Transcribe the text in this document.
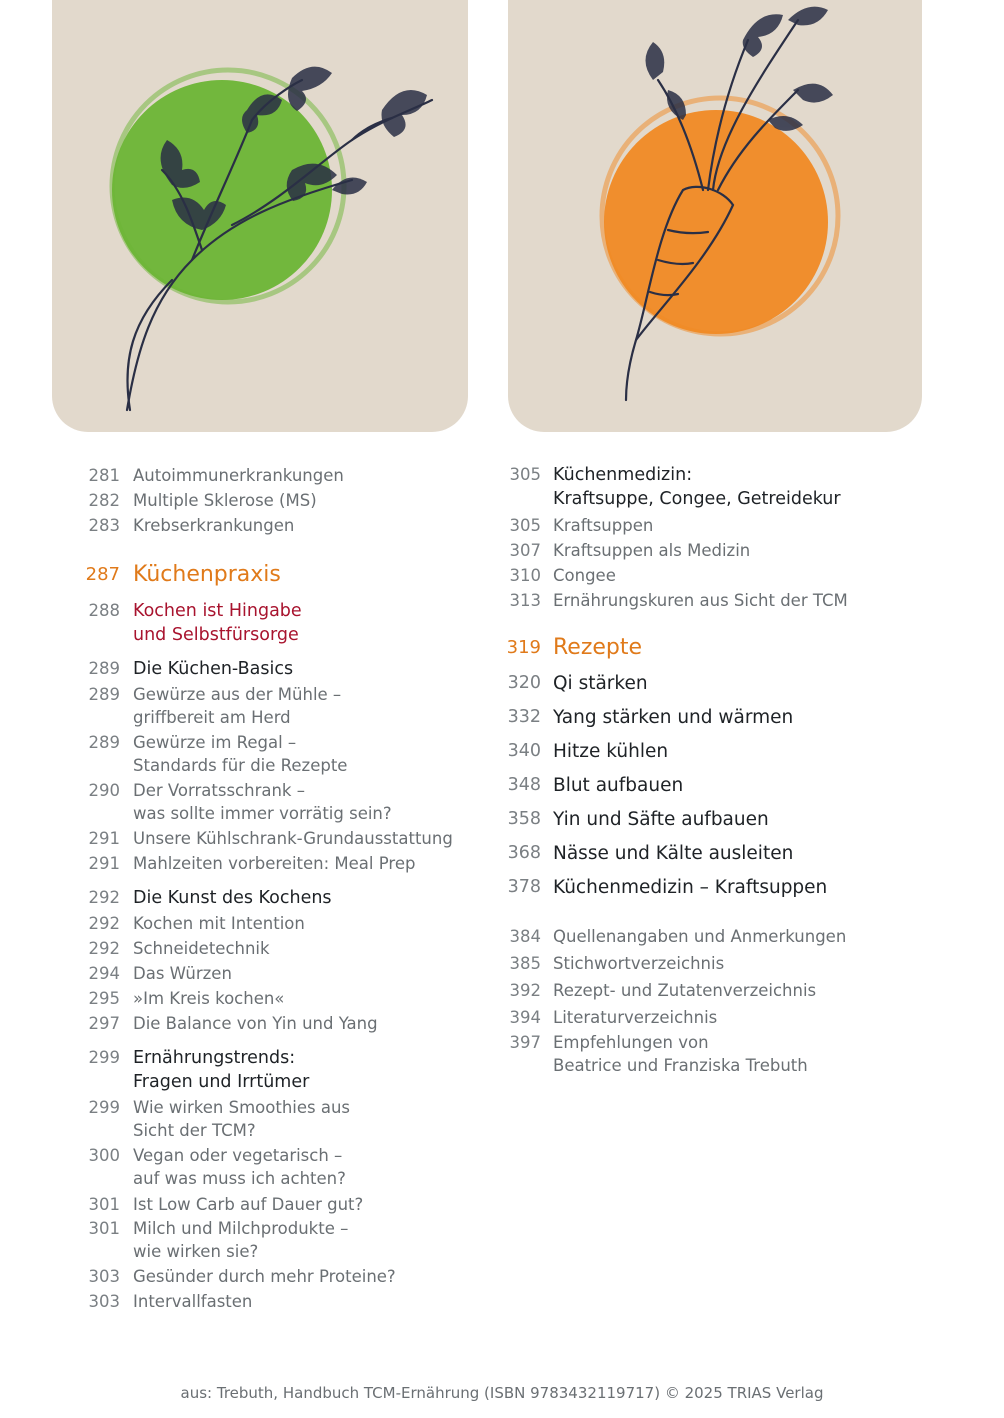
281 Autoimmunerkrankungen
282 Multiple Sklerose (MS)
283 Krebserkrankungen
287 Küchenpraxis
288 Kochen ist Hingabe
und Selbstfürsorge
289 Die Küchen-Basics
289 Gewürze aus der Mühle –
griffbereit am Herd
289 Gewürze im Regal –
Standards für die Rezepte
290 Der Vorratsschrank –
was sollte immer vorrätig sein?
291 Unsere Kühlschrank-Grundausstattung
291 Mahlzeiten vorbereiten: Meal Prep
292 Die Kunst des Kochens
292 Kochen mit Intention
292 Schneidetechnik
294 Das Würzen
295 »Im Kreis kochen«
297 Die Balance von Yin und Yang
299 Ernährungstrends:
Fragen und Irrtümer
299 Wie wirken Smoothies aus
Sicht der TCM?
300 Vegan oder vegetarisch –
auf was muss ich achten?
301 Ist Low Carb auf Dauer gut?
301 Milch und Milchprodukte –
wie wirken sie?
303 Gesünder durch mehr Proteine?
303 Intervallfasten
305 Küchenmedizin:
Kraftsuppe, Congee, Getreidekur
305 Kraftsuppen
307 Kraftsuppen als Medizin
310 Congee
313 Ernährungskuren aus Sicht der TCM
319 Rezepte
320 Qi stärken
332 Yang stärken und wärmen
340 Hitze kühlen
348 Blut aufbauen
358 Yin und Säfte aufbauen
368 Nässe und Kälte ausleiten
378 Küchenmedizin – Kraftsuppen
384 Quellenangaben und Anmerkungen
385 Stichwortverzeichnis
392 Rezept- und Zutatenverzeichnis
394 Literaturverzeichnis
397 Empfehlungen von
Beatrice und Franziska Trebuth
aus: Trebuth, Handbuch TCM-Ernährung (ISBN 9783432119717) © 2025 TRIAS Verlag
